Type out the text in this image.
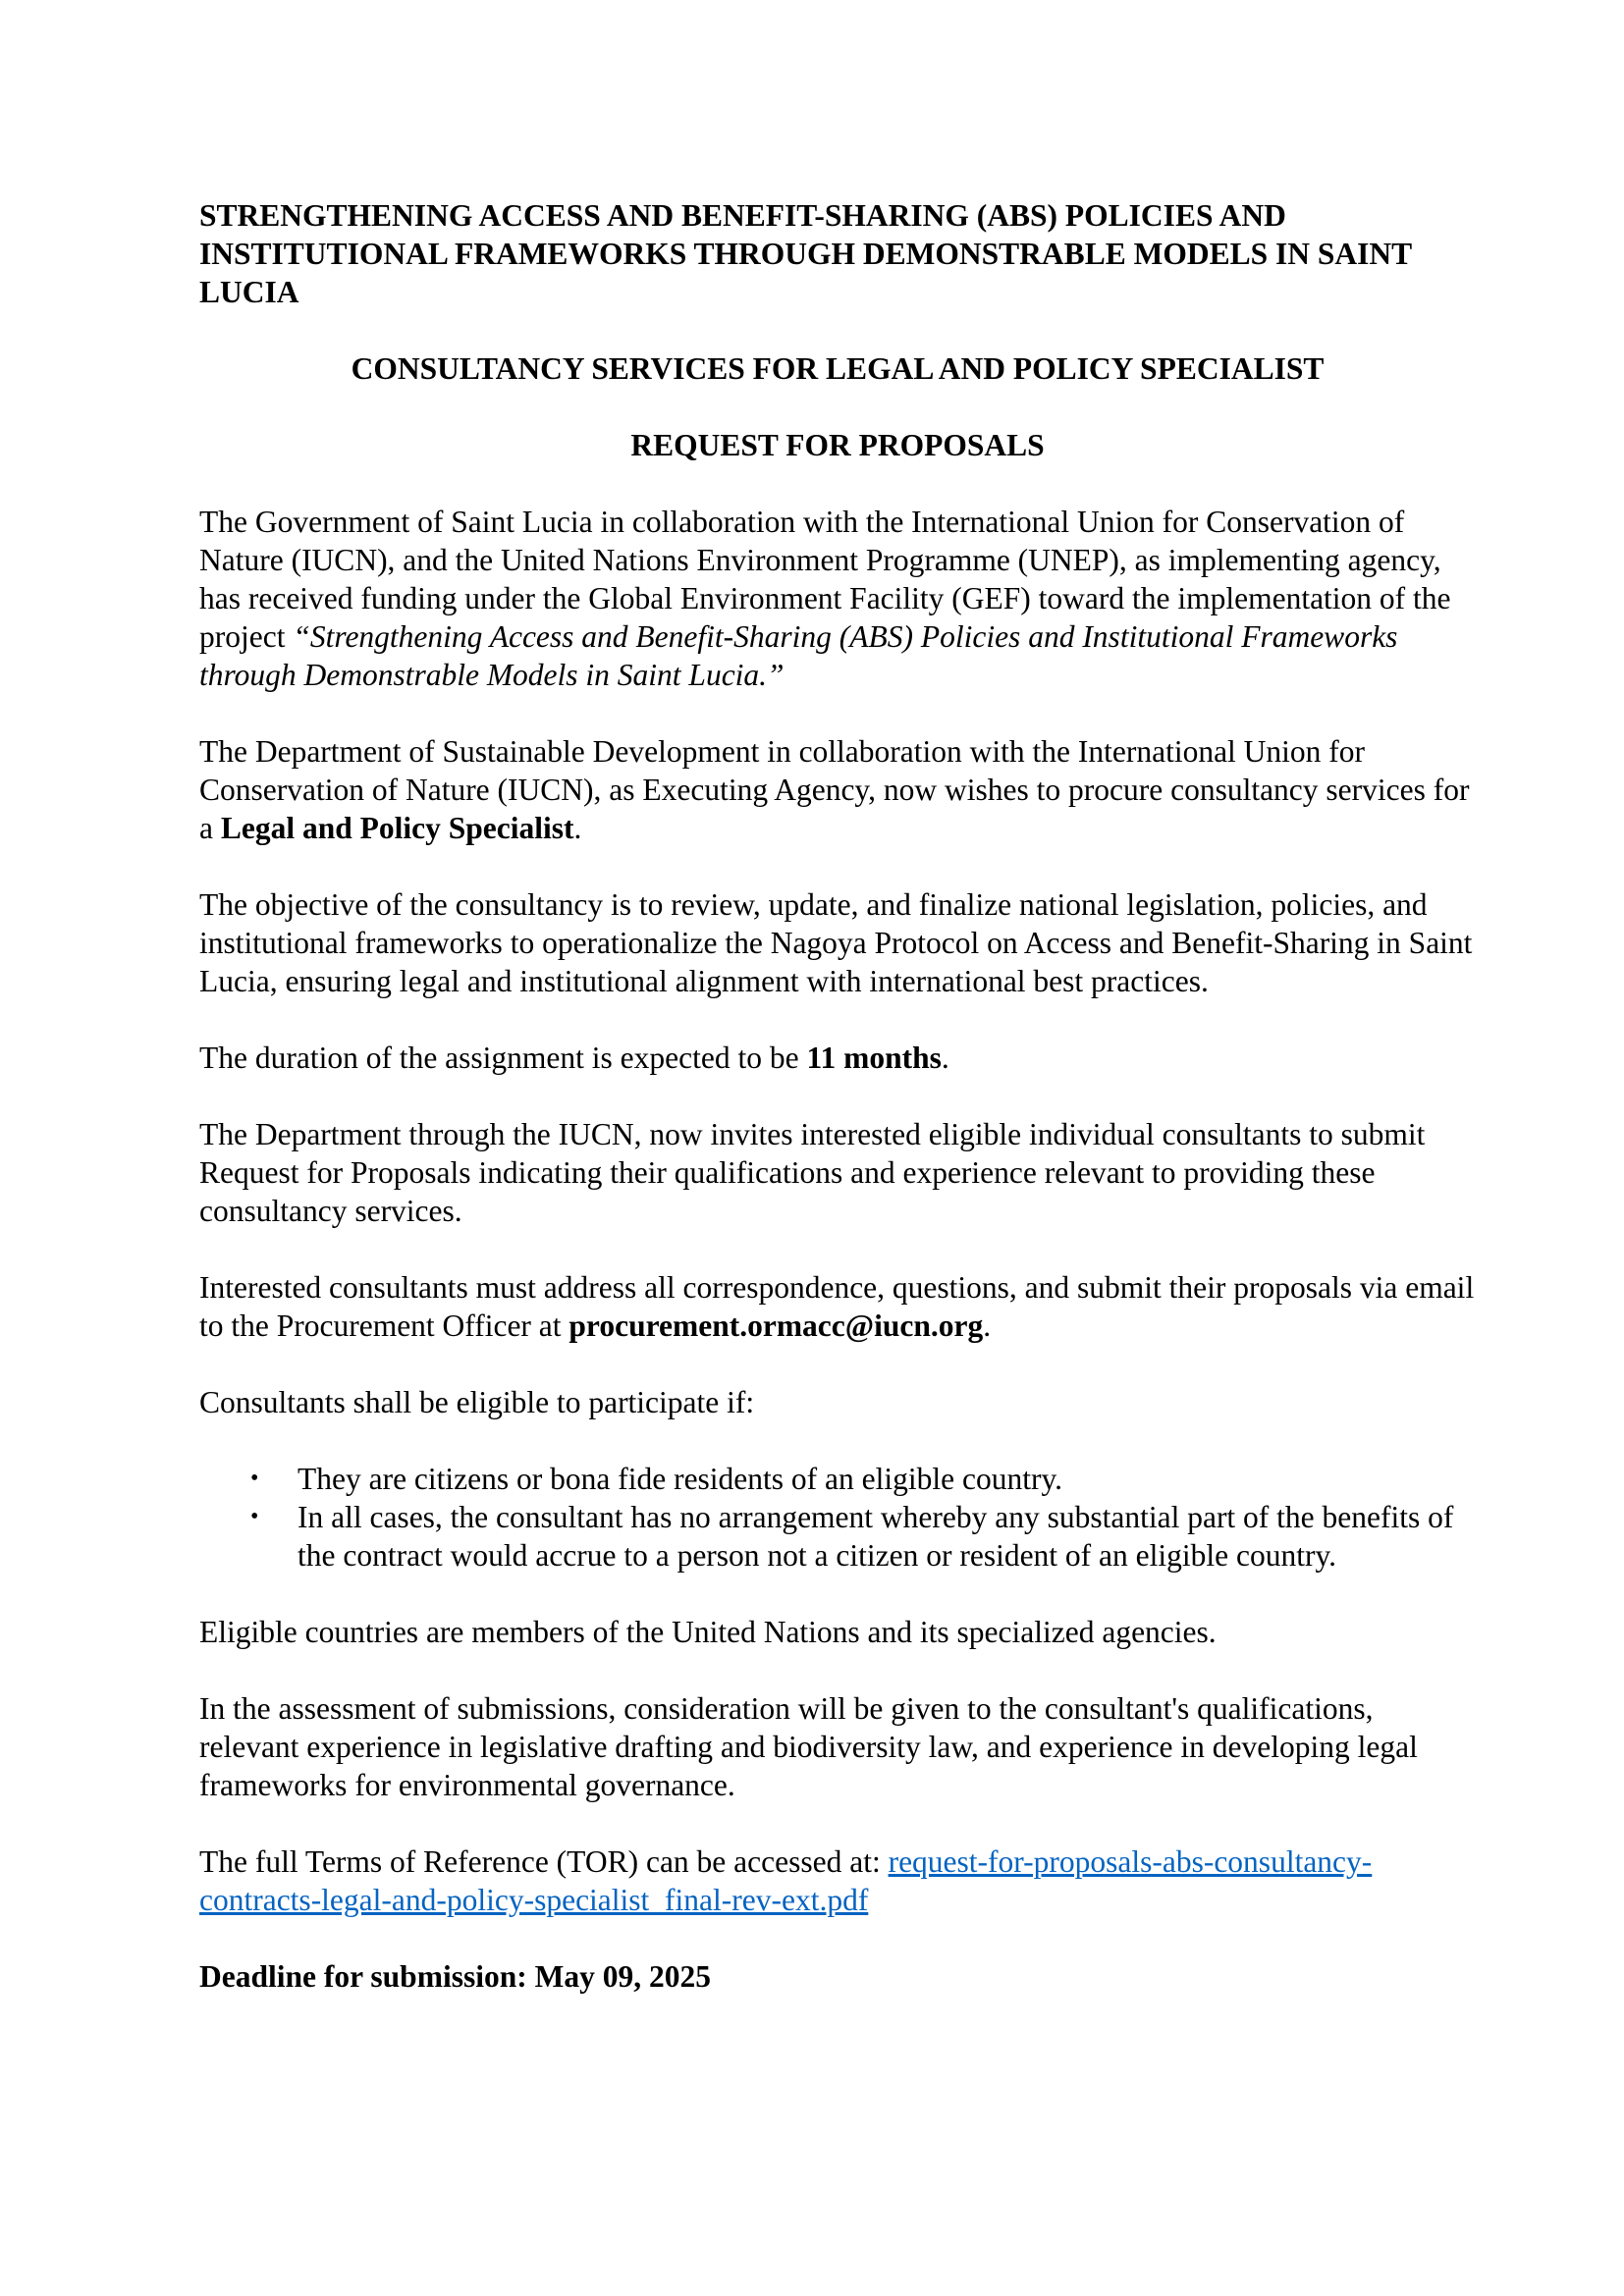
STRENGTHENING ACCESS AND BENEFIT-SHARING (ABS) POLICIES AND INSTITUTIONAL FRAMEWORKS THROUGH DEMONSTRABLE MODELS IN SAINT LUCIA

CONSULTANCY SERVICES FOR LEGAL AND POLICY SPECIALIST

REQUEST FOR PROPOSALS

The Government of Saint Lucia in collaboration with the International Union for Conservation of Nature (IUCN), and the United Nations Environment Programme (UNEP), as implementing agency, has received funding under the Global Environment Facility (GEF) toward the implementation of the project “Strengthening Access and Benefit-Sharing (ABS) Policies and Institutional Frameworks through Demonstrable Models in Saint Lucia.”

The Department of Sustainable Development in collaboration with the International Union for Conservation of Nature (IUCN), as Executing Agency, now wishes to procure consultancy services for a Legal and Policy Specialist.

The objective of the consultancy is to review, update, and finalize national legislation, policies, and institutional frameworks to operationalize the Nagoya Protocol on Access and Benefit-Sharing in Saint Lucia, ensuring legal and institutional alignment with international best practices.

The duration of the assignment is expected to be 11 months.

The Department through the IUCN, now invites interested eligible individual consultants to submit Request for Proposals indicating their qualifications and experience relevant to providing these consultancy services.

Interested consultants must address all correspondence, questions, and submit their proposals via email to the Procurement Officer at procurement.ormacc@iucn.org.

Consultants shall be eligible to participate if:

• They are citizens or bona fide residents of an eligible country.
• In all cases, the consultant has no arrangement whereby any substantial part of the benefits of the contract would accrue to a person not a citizen or resident of an eligible country.

Eligible countries are members of the United Nations and its specialized agencies.

In the assessment of submissions, consideration will be given to the consultant's qualifications, relevant experience in legislative drafting and biodiversity law, and experience in developing legal frameworks for environmental governance.

The full Terms of Reference (TOR) can be accessed at: request-for-proposals-abs-consultancy-contracts-legal-and-policy-specialist_final-rev-ext.pdf

Deadline for submission: May 09, 2025
